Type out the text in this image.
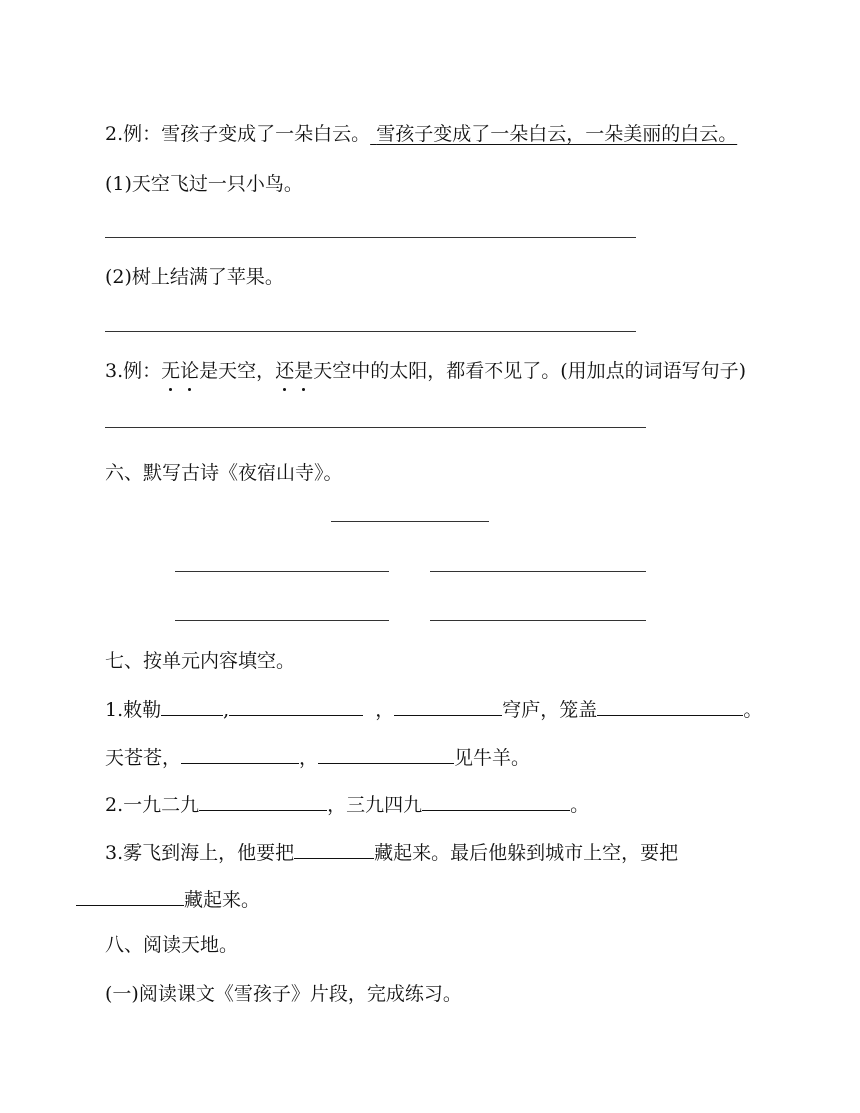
2.例：雪孩子变成了一朵白云。 雪孩子变成了一朵白云，一朵美丽的白云。
(1)天空飞过一只小鸟。
(2)树上结满了苹果。
3.例：无论是天空，还是天空中的太阳，都看不见了。(用加点的词语写句子)
六、默写古诗《夜宿山寺》。
七、按单元内容填空。
1.敕勒	,	，	穹庐，笼盖	。
天苍苍，	，	见牛羊。
2.一九二九	，三九四九	。
3.雾飞到海上，他要把	藏起来。最后他躲到城市上空，要把
藏起来。
八、阅读天地。
(一)阅读课文《雪孩子》片段，完成练习。
